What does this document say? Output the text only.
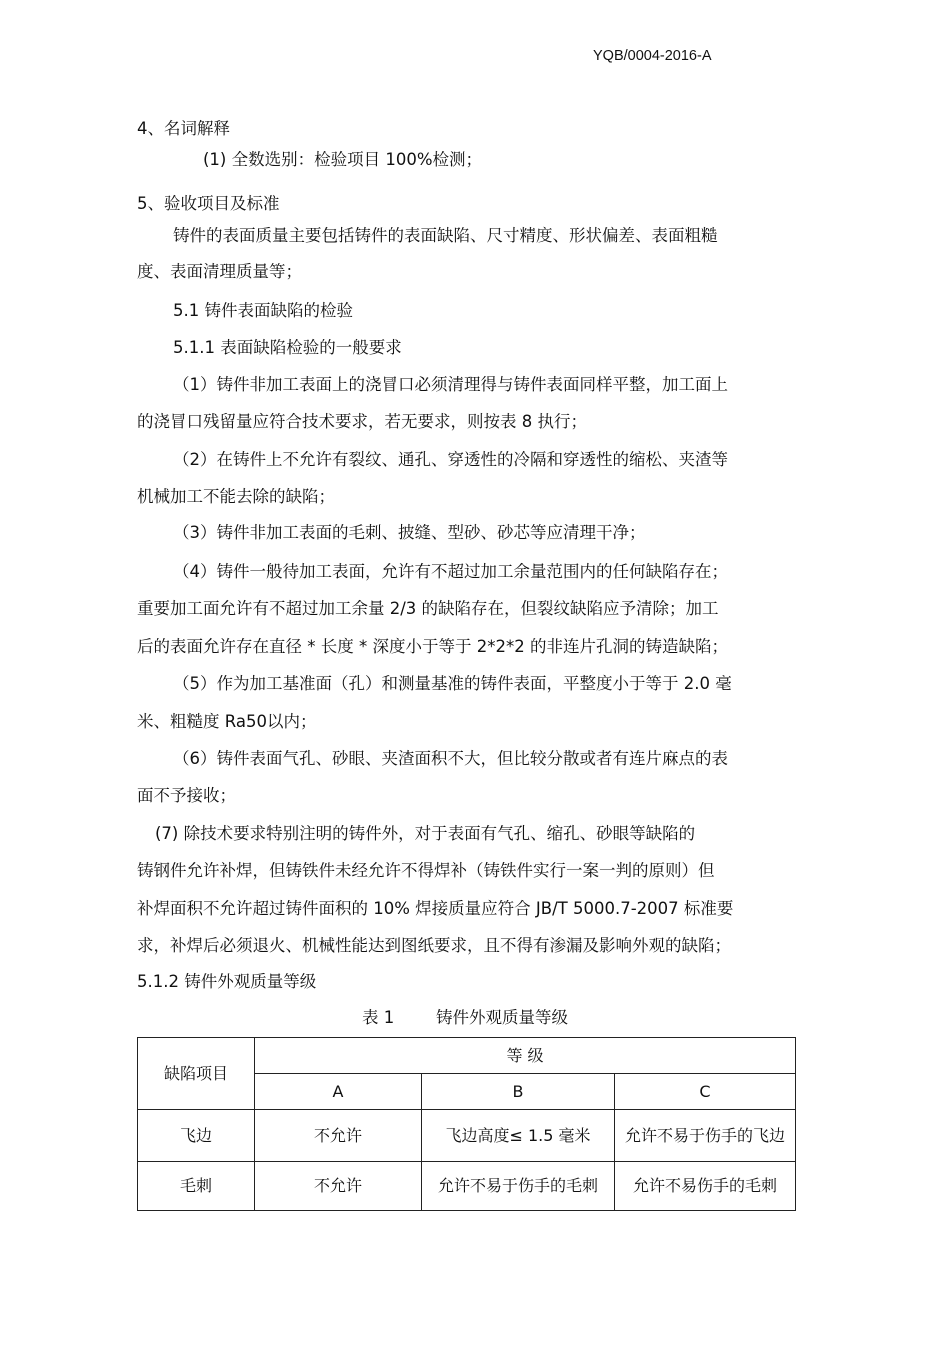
YQB/0004-2016-A
4、名词解释
(1) 全数选别：检验项目 100%检测；
5、验收项目及标准
铸件的表面质量主要包括铸件的表面缺陷、尺寸精度、形状偏差、表面粗糙
度、表面清理质量等；
5.1 铸件表面缺陷的检验
5.1.1 表面缺陷检验的一般要求
（1）铸件非加工表面上的浇冒口必须清理得与铸件表面同样平整，加工面上
的浇冒口残留量应符合技术要求，若无要求，则按表 8 执行；
（2）在铸件上不允许有裂纹、通孔、穿透性的冷隔和穿透性的缩松、夹渣等
机械加工不能去除的缺陷；
（3）铸件非加工表面的毛刺、披缝、型砂、砂芯等应清理干净；
（4）铸件一般待加工表面，允许有不超过加工余量范围内的任何缺陷存在；
重要加工面允许有不超过加工余量 2/3 的缺陷存在，但裂纹缺陷应予清除；加工
后的表面允许存在直径 * 长度 * 深度小于等于 2*2*2 的非连片孔洞的铸造缺陷；
（5）作为加工基准面（孔）和测量基准的铸件表面，平整度小于等于 2.0 毫
米、粗糙度 Ra50以内；
（6）铸件表面气孔、砂眼、夹渣面积不大，但比较分散或者有连片麻点的表
面不予接收；
(7) 除技术要求特别注明的铸件外，对于表面有气孔、缩孔、砂眼等缺陷的
铸钢件允许补焊，但铸铁件未经允许不得焊补（铸铁件实行一案一判的原则）但
补焊面积不允许超过铸件面积的 10% 焊接质量应符合 JB/T 5000.7-2007 标准要
求，补焊后必须退火、机械性能达到图纸要求，且不得有渗漏及影响外观的缺陷；
5.1.2 铸件外观质量等级
表 1	铸件外观质量等级
缺陷项目	等 级		
	A	B	C
飞边	不允许	飞边高度≤ 1.5 毫米	允许不易于伤手的飞边
毛刺	不允许	允许不易于伤手的毛刺	允许不易伤手的毛刺
